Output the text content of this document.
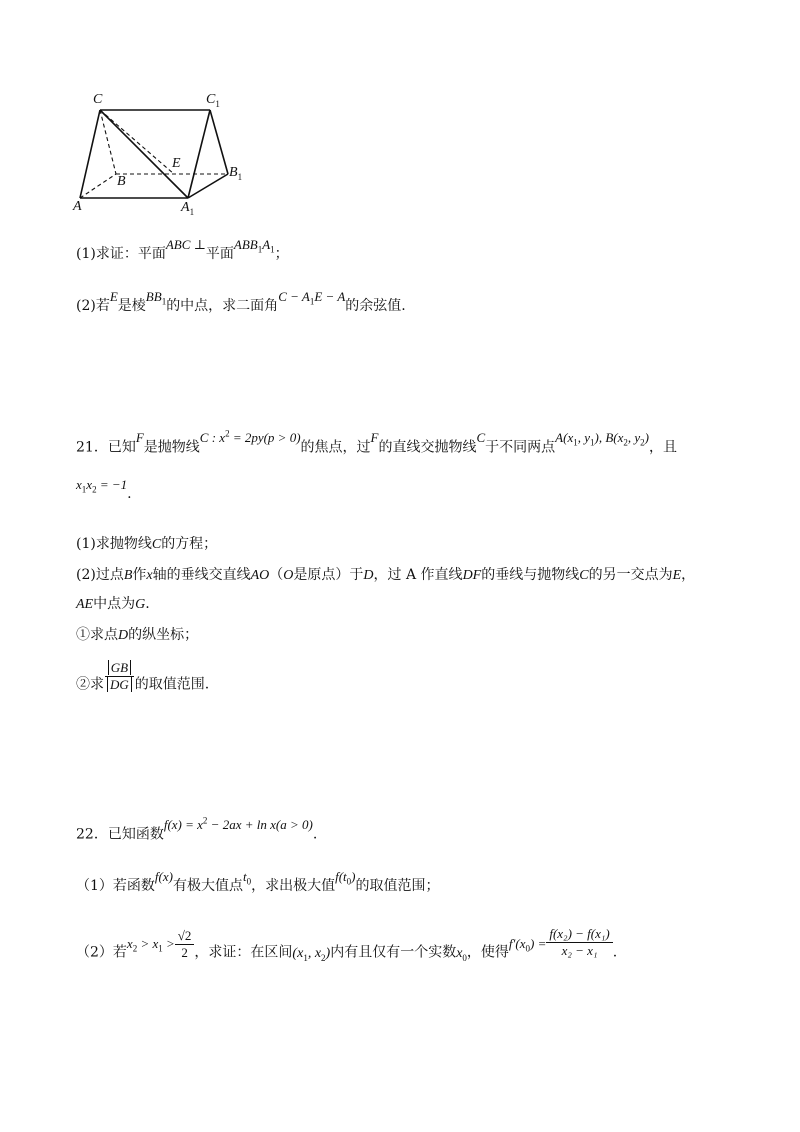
C	$C_1$
E
B
$B_1$
A	$A_1$
(1)求证：平面ABC ⊥平面$ABB_1A_1$；
(2)若E是棱$BB_1$的中点，求二面角$C - A_1E - A$的余弦值.
21．已知F是抛物线C : $x^2 = 2py(p > 0)$的焦点，过F的直线交抛物线C于不同两点$A(x_1$, $y_1$), $B(x_2$, $y_2$)，且
$x_1x_2 = -1$.
(1)求抛物线C的方程；
(2)过点B作x轴的垂线交直线AO（O是原点）于D，过 A 作直线DF的垂线与抛物线C的另一交点为E，
AE中点为G.
①求点D的纵坐标；
②求 $\frac{GB}{DG}$ 的取值范围.
22．已知函数$f(x) = x^2 - 2ax + \ln x(a > 0)$.
（1）若函数f(x)有极大值点$t_0$，求出极大值$f(t_0)$的取值范围；
（2）若$x_2 > x_1 > \frac{√2}{2}$ ，求证：在区间($x_1$, $x_2$)内有且仅有一个实数$x_0$，使得$f'(x_0) = \frac{\text{f(x₂) − f(x₁)}}{\text{x₂ − x₁}}$ .
